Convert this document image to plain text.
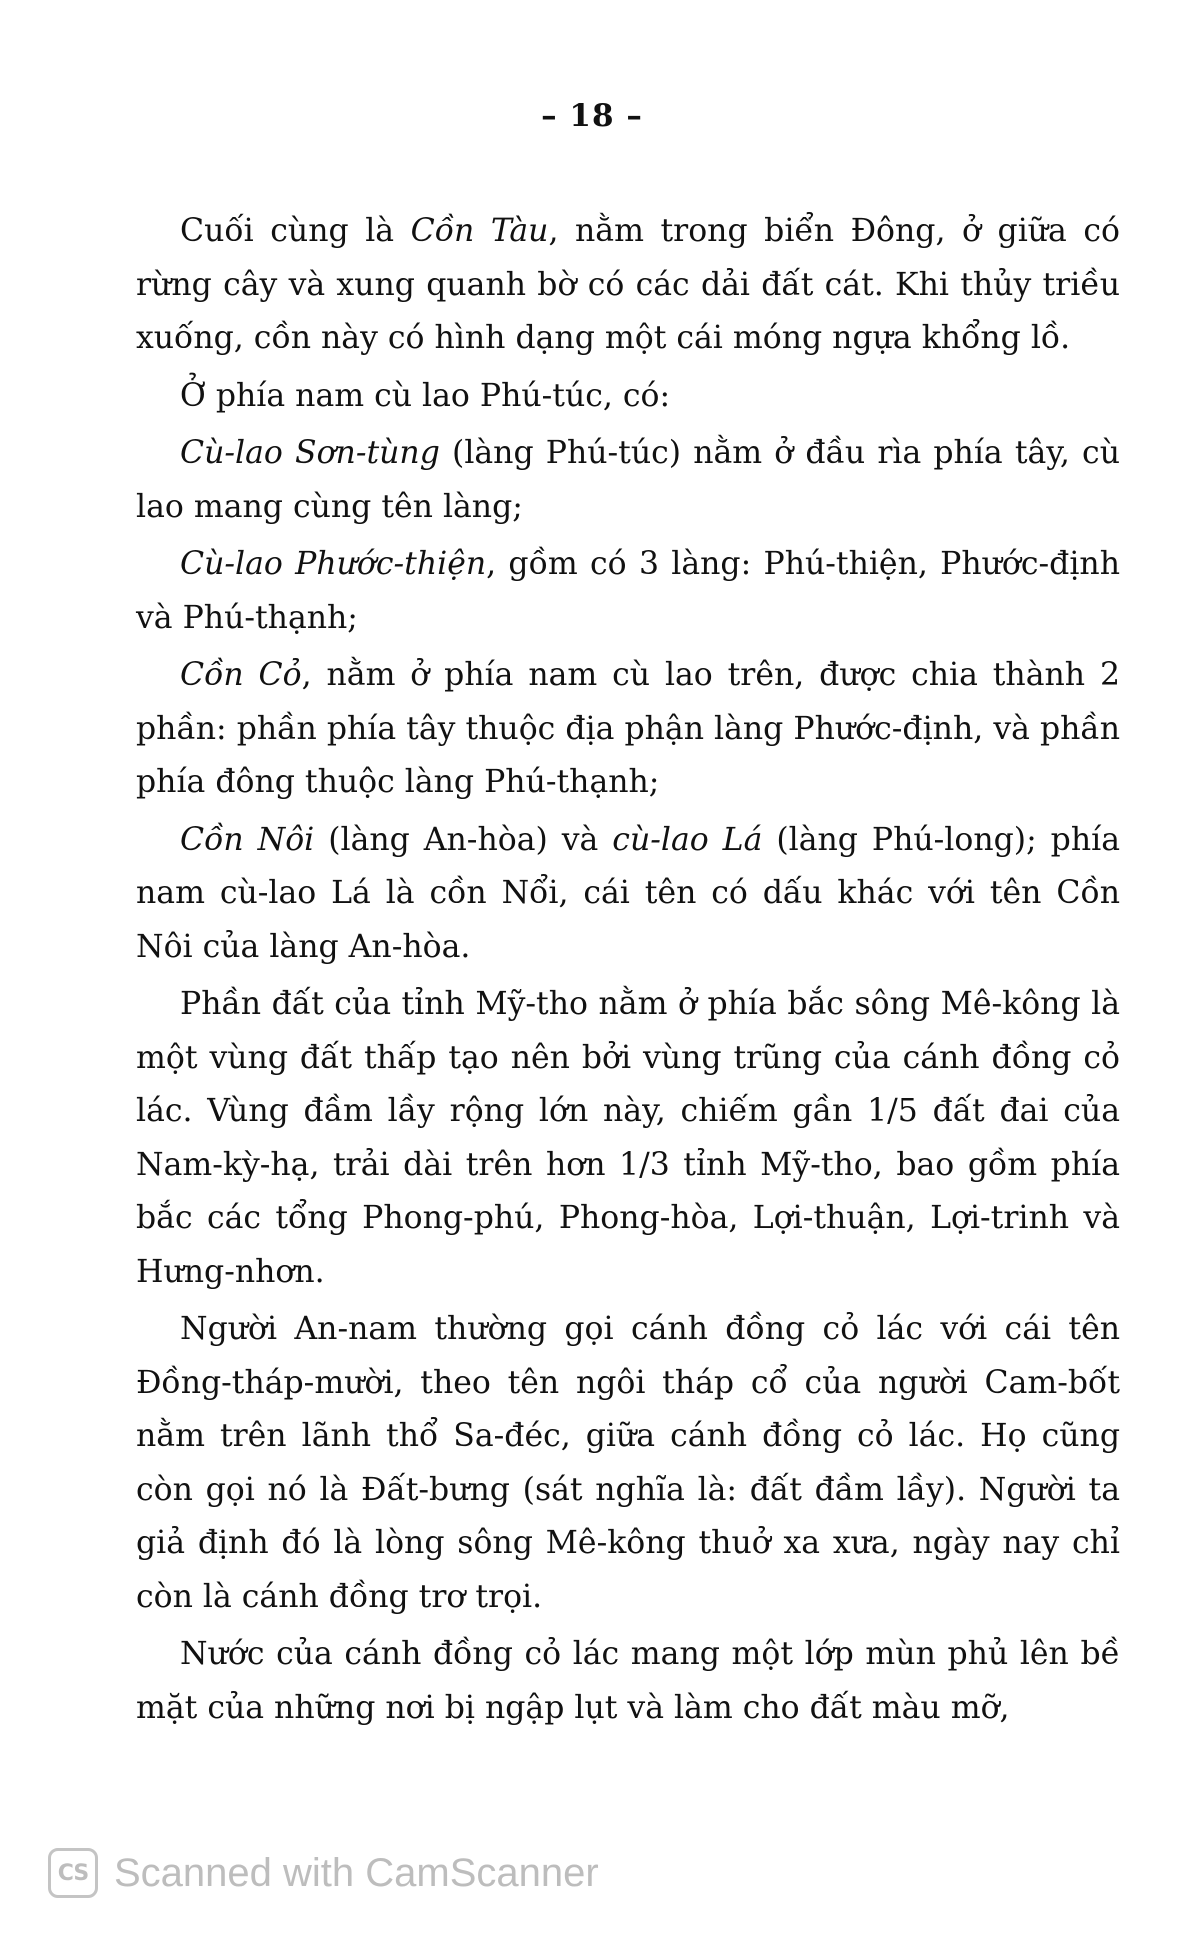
– 18 –

Cuối cùng là Cồn Tàu, nằm trong biển Đông, ở giữa có rừng cây và xung quanh bờ có các dải đất cát. Khi thủy triều xuống, cồn này có hình dạng một cái móng ngựa khổng lồ.

Ở phía nam cù lao Phú-túc, có:

Cù-lao Sơn-tùng (làng Phú-túc) nằm ở đầu rìa phía tây, cù lao mang cùng tên làng;

Cù-lao Phước-thiện, gồm có 3 làng: Phú-thiện, Phước-định và Phú-thạnh;

Cồn Cỏ, nằm ở phía nam cù lao trên, được chia thành 2 phần: phần phía tây thuộc địa phận làng Phước-định, và phần phía đông thuộc làng Phú-thạnh;

Cồn Nôi (làng An-hòa) và cù-lao Lá (làng Phú-long); phía nam cù-lao Lá là cồn Nổi, cái tên có dấu khác với tên Cồn Nôi của làng An-hòa.

Phần đất của tỉnh Mỹ-tho nằm ở phía bắc sông Mê-kông là một vùng đất thấp tạo nên bởi vùng trũng của cánh đồng cỏ lác. Vùng đầm lầy rộng lớn này, chiếm gần 1/5 đất đai của Nam-kỳ-hạ, trải dài trên hơn 1/3 tỉnh Mỹ-tho, bao gồm phía bắc các tổng Phong-phú, Phong-hòa, Lợi-thuận, Lợi-trinh và Hưng-nhơn.

Người An-nam thường gọi cánh đồng cỏ lác với cái tên Đồng-tháp-mười, theo tên ngôi tháp cổ của người Cam-bốt nằm trên lãnh thổ Sa-đéc, giữa cánh đồng cỏ lác. Họ cũng còn gọi nó là Đất-bưng (sát nghĩa là: đất đầm lầy). Người ta giả định đó là lòng sông Mê-kông thuở xa xưa, ngày nay chỉ còn là cánh đồng trơ trọi.

Nước của cánh đồng cỏ lác mang một lớp mùn phủ lên bề mặt của những nơi bị ngập lụt và làm cho đất màu mỡ,

CS Scanned with CamScanner
